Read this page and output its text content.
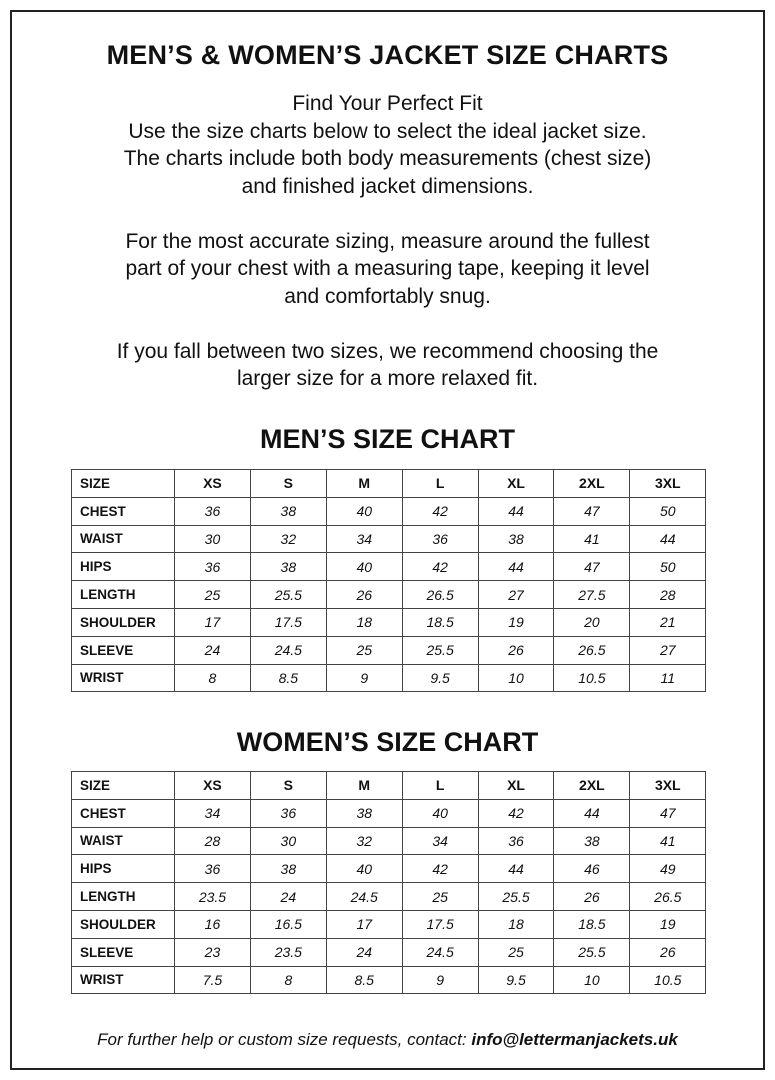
MEN’S & WOMEN’S JACKET SIZE CHARTS

Find Your Perfect Fit

Use the size charts below to select the ideal jacket size.

The charts include both body measurements (chest size)

and finished jacket dimensions.

For the most accurate sizing, measure around the fullest

part of your chest with a measuring tape, keeping it level

and comfortably snug.

If you fall between two sizes, we recommend choosing the

larger size for a more relaxed fit.

MEN’S SIZE CHART
SIZE	XS	S	M	L	XL	2XL	3XL
CHEST	36	38	40	42	44	47	50
WAIST	30	32	34	36	38	41	44
HIPS	36	38	40	42	44	47	50
LENGTH	25	25.5	26	26.5	27	27.5	28
SHOULDER	17	17.5	18	18.5	19	20	21
SLEEVE	24	24.5	25	25.5	26	26.5	27
WRIST	8	8.5	9	9.5	10	10.5	11
WOMEN’S SIZE CHART
SIZE	XS	S	M	L	XL	2XL	3XL
CHEST	34	36	38	40	42	44	47
WAIST	28	30	32	34	36	38	41
HIPS	36	38	40	42	44	46	49
LENGTH	23.5	24	24.5	25	25.5	26	26.5
SHOULDER	16	16.5	17	17.5	18	18.5	19
SLEEVE	23	23.5	24	24.5	25	25.5	26
WRIST	7.5	8	8.5	9	9.5	10	10.5
For further help or custom size requests, contact: info@lettermanjackets.uk
